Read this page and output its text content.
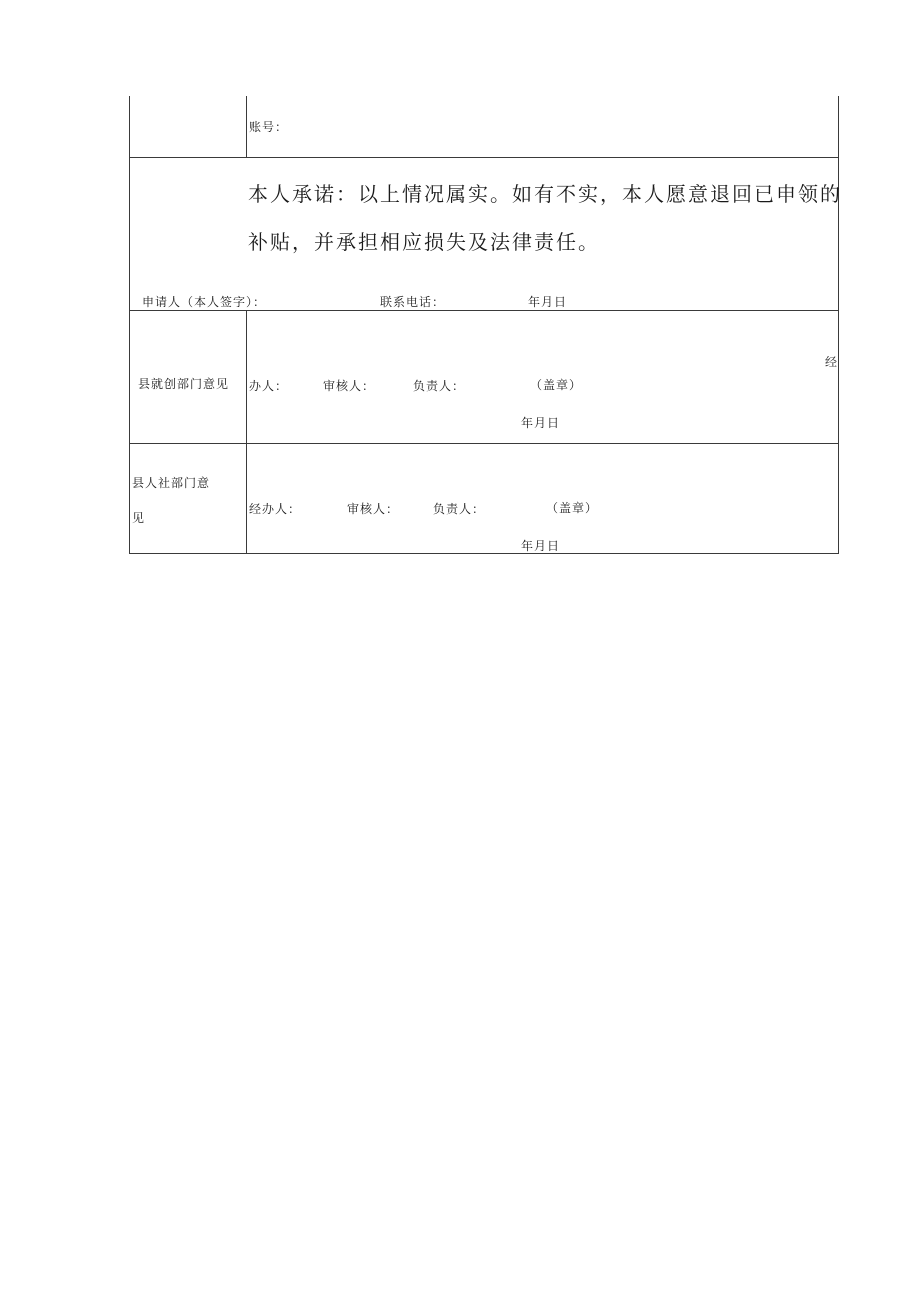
账号：
本人承诺：以上情况属实。如有不实，本人愿意退回已申领的
补贴，并承担相应损失及法律责任。
申请人（本人签字）：	联系电话：	年月日
县就创部门意见
经
办人：	审核人：	负责人：	（盖章）
年月日
县人社部门意
见
经办人：	审核人：	负责人：	（盖章）
年月日
